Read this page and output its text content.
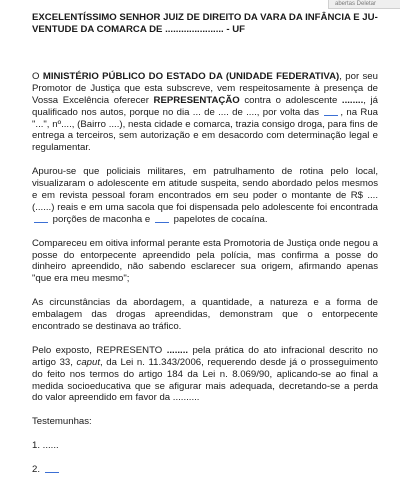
abertas Deletar

EXCELENTÍSSIMO SENHOR JUIZ DE DIREITO DA VARA DA INFÂNCIA E JU-
VENTUDE DA COMARCA DE ...................... - UF

O MINISTÉRIO PÚBLICO DO ESTADO DA (UNIDADE FEDERATIVA), por seu Promotor de Justiça que esta subscreve, vem respeitosamente à presença de Vossa Excelência oferecer REPRESENTAÇÃO contra o adolescente ........, já qualificado nos autos, porque no dia ... de .... de ...., por volta das , na Rua "...", nº...., (Bairro ....), nesta cidade e comarca, trazia consigo droga, para fins de entrega a terceiros, sem autorização e em desacordo com determinação legal e regulamentar.

Apurou-se que policiais militares, em patrulhamento de rotina pelo local, visualizaram o adolescente em atitude suspeita, sendo abordado pelos mesmos e em revista pessoal foram encontrados em seu poder o montante de R$ .... (......) reais e em uma sacola que foi dispensada pelo adolescente foi encontrada  porções de maconha e  papelotes de cocaína.

Compareceu em oitiva informal perante esta Promotoria de Justiça onde negou a posse do entorpecente apreendido pela polícia, mas confirma a posse do dinheiro apreendido, não sabendo esclarecer sua origem, afirmando apenas "que era meu mesmo";

As circunstâncias da abordagem, a quantidade, a natureza e a forma de embalagem das drogas apreendidas, demonstram que o entorpecente encontrado se destinava ao tráfico.

Pelo exposto, REPRESENTO ........ pela prática do ato infracional descrito no artigo 33, caput, da Lei n. 11.343/2006, requerendo desde já o prosseguimento do feito nos termos do artigo 184 da Lei n. 8.069/90, aplicando-se ao final a medida socioeducativa que se afigurar mais adequada, decretando-se a perda do valor apreendido em favor da ..........

Testemunhas:

1. ......

2.
